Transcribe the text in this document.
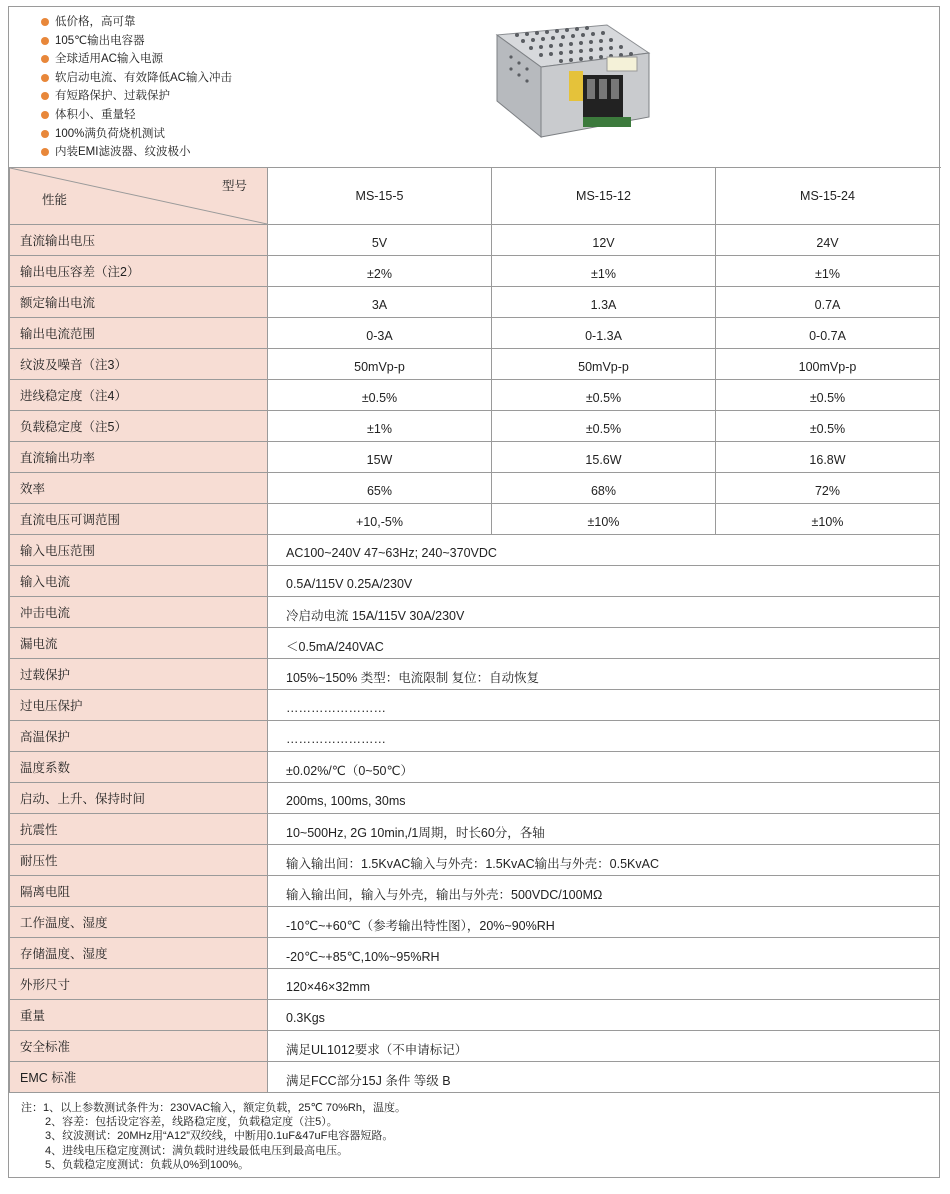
低价格，高可靠
105℃输出电容器
全球适用AC输入电源
软启动电流、有效降低AC输入冲击
有短路保护、过载保护
体积小、重量轻
100%满负荷烧机测试
内装EMI滤波器、纹波极小
型号
性能	MS-15-5	MS-15-12	MS-15-24
直流输出电压	5V	12V	24V
输出电压容差（注2）	±2%	±1%	±1%
额定输出电流	3A	1.3A	0.7A
输出电流范围	0-3A	0-1.3A	0-0.7A
纹波及噪音（注3）	50mVp-p	50mVp-p	100mVp-p
进线稳定度（注4）	±0.5%	±0.5%	±0.5%
负载稳定度（注5）	±1%	±0.5%	±0.5%
直流输出功率	15W	15.6W	16.8W
效率	65%	68%	72%
直流电压可调范围	+10,-5%	±10%	±10%
输入电压范围	AC100~240V 47~63Hz; 240~370VDC		
输入电流	0.5A/115V 0.25A/230V		
冲击电流	冷启动电流 15A/115V 30A/230V		
漏电流	＜0.5mA/240VAC		
过载保护	105%~150% 类型：电流限制 复位：自动恢复		
过电压保护	……………………		
高温保护	……………………		
温度系数	±0.02%/℃（0~50℃）		
启动、上升、保持时间	200ms, 100ms, 30ms		
抗震性	10~500Hz, 2G 10min,/1周期，时长60分，各轴		
耐压性	输入输出间：1.5KvAC输入与外壳：1.5KvAC输出与外壳：0.5KvAC		
隔离电阻	输入输出间，输入与外壳，输出与外壳：500VDC/100MΩ		
工作温度、湿度	-10℃~+60℃（参考输出特性图），20%~90%RH		
存储温度、湿度	-20℃~+85℃,10%~95%RH		
外形尺寸	120×46×32mm		
重量	0.3Kgs		
安全标准	满足UL1012要求（不申请标记）		
EMC 标准	满足FCC部分15J 条件 等级 B		
注：1、以上参数测试条件为：230VAC输入，额定负载，25℃ 70%Rh，温度。
2、容差：包括设定容差，线路稳定度，负载稳定度（注5）。
3、纹波测试：20MHz用“A12”双绞线，中断用0.1uF&47uF电容器短路。
4、进线电压稳定度测试：满负载时进线最低电压到最高电压。
5、负载稳定度测试：负载从0%到100%。
